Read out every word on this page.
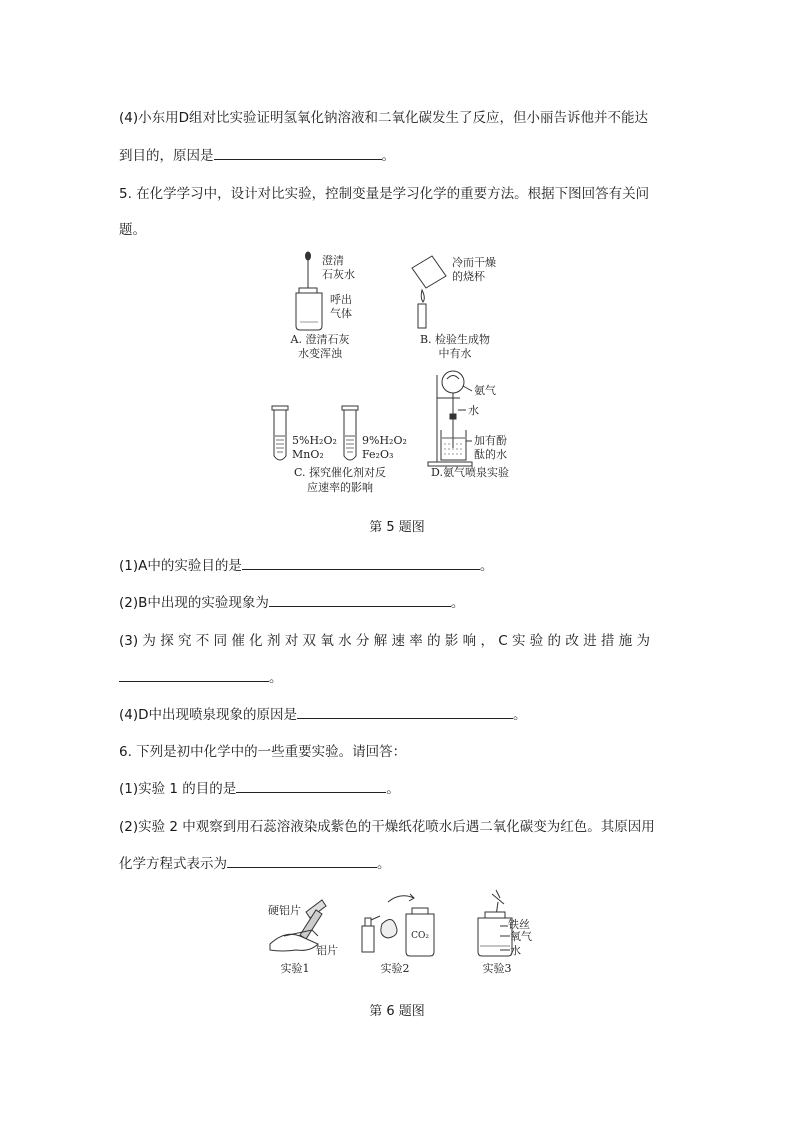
(4)小东用D组对比实验证明氢氧化钠溶液和二氧化碳发生了反应，但小丽告诉他并不能达
到目的，原因是	。
5. 在化学学习中，设计对比实验，控制变量是学习化学的重要方法。根据下图回答有关问
题。
澄清
石灰水
呼出
气体
A. 澄清石灰
水变浑浊
冷而干燥
的烧杯
B. 检验生成物
中有水
5%H₂O₂
MnO₂
9%H₂O₂
Fe₂O₃
C. 探究催化剂对反
应速率的影响
氨气
水
加有酚
酞的水
D.氨气喷泉实验
第 5 题图
(1)A中的实验目的是	。
(2)B中出现的实验现象为	。
(3) 为 探 究 不 同 催 化 剂 对 双 氧 水 分 解 速 率 的 影 响 ， C 实 验 的 改 进 措 施 为
。
(4)D中出现喷泉现象的原因是	。
6. 下列是初中化学中的一些重要实验。请回答：
(1)实验 1 的目的是	。
(2)实验 2 中观察到用石蕊溶液染成紫色的干燥纸花喷水后遇二氧化碳变为红色。其原因用
化学方程式表示为	。
硬铝片
铝片
实验1
CO₂
实验2
铁丝
氧气
水
实验3
第 6 题图
